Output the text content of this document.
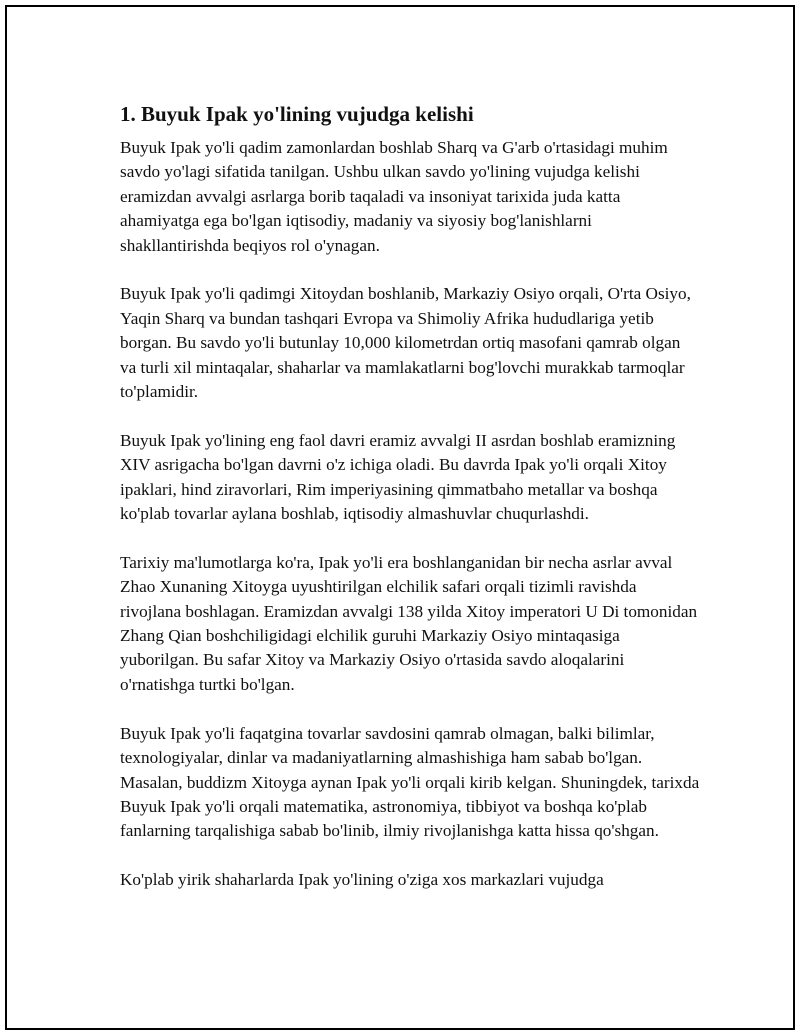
1. Buyuk Ipak yo'lining vujudga kelishi

Buyuk Ipak yo'li qadim zamonlardan boshlab Sharq va G'arb o'rtasidagi muhim savdo yo'lagi sifatida tanilgan. Ushbu ulkan savdo yo'lining vujudga kelishi eramizdan avvalgi asrlarga borib taqaladi va insoniyat tarixida juda katta ahamiyatga ega bo'lgan iqtisodiy, madaniy va siyosiy bog'lanishlarni shakllantirishda beqiyos rol o'ynagan.

Buyuk Ipak yo'li qadimgi Xitoydan boshlanib, Markaziy Osiyo orqali, O'rta Osiyo, Yaqin Sharq va bundan tashqari Evropa va Shimoliy Afrika hududlariga yetib borgan. Bu savdo yo'li butunlay 10,000 kilometrdan ortiq masofani qamrab olgan va turli xil mintaqalar, shaharlar va mamlakatlarni bog'lovchi murakkab tarmoqlar to'plamidir.

Buyuk Ipak yo'lining eng faol davri eramiz avvalgi II asrdan boshlab eramizning XIV asrigacha bo'lgan davrni o'z ichiga oladi. Bu davrda Ipak yo'li orqali Xitoy ipaklari, hind ziravorlari, Rim imperiyasining qimmatbaho metallar va boshqa ko'plab tovarlar aylana boshlab, iqtisodiy almashuvlar chuqurlashdi.

Tarixiy ma'lumotlarga ko'ra, Ipak yo'li era boshlanganidan bir necha asrlar avval Zhao Xunaning Xitoyga uyushtirilgan elchilik safari orqali tizimli ravishda rivojlana boshlagan. Eramizdan avvalgi 138 yilda Xitoy imperatori U Di tomonidan Zhang Qian boshchiligidagi elchilik guruhi Markaziy Osiyo mintaqasiga yuborilgan. Bu safar Xitoy va Markaziy Osiyo o'rtasida savdo aloqalarini o'rnatishga turtki bo'lgan.

Buyuk Ipak yo'li faqatgina tovarlar savdosini qamrab olmagan, balki bilimlar, texnologiyalar, dinlar va madaniyatlarning almashishiga ham sabab bo'lgan. Masalan, buddizm Xitoyga aynan Ipak yo'li orqali kirib kelgan. Shuningdek, tarixda Buyuk Ipak yo'li orqali matematika, astronomiya, tibbiyot va boshqa ko'plab fanlarning tarqalishiga sabab bo'linib, ilmiy rivojlanishga katta hissa qo'shgan.

Ko'plab yirik shaharlarda Ipak yo'lining o'ziga xos markazlari vujudga
